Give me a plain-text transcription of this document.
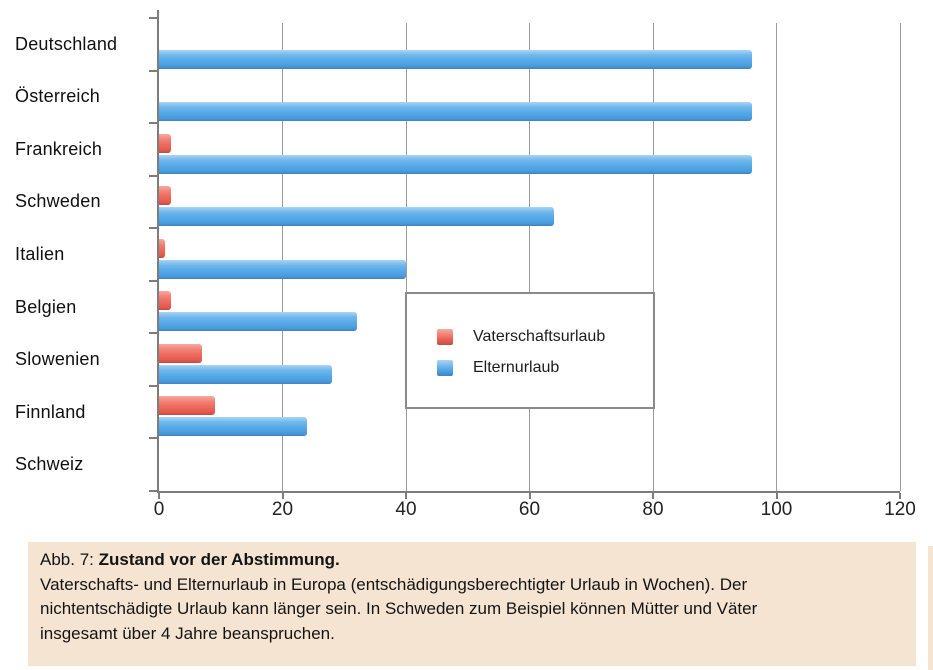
Deutschland
Österreich
Frankreich
Schweden
Italien
Belgien
Slowenien
Finnland
Schweiz
0	20	40	60	80	100	120
Vaterschaftsurlaub
Elternurlaub
Abb. 7: Zustand vor der Abstimmung.
Vaterschafts- und Elternurlaub in Europa (entschädigungsberechtigter Urlaub in Wochen). Der
nichtentschädigte Urlaub kann länger sein. In Schweden zum Beispiel können Mütter und Väter
insgesamt über 4 Jahre beanspruchen.
